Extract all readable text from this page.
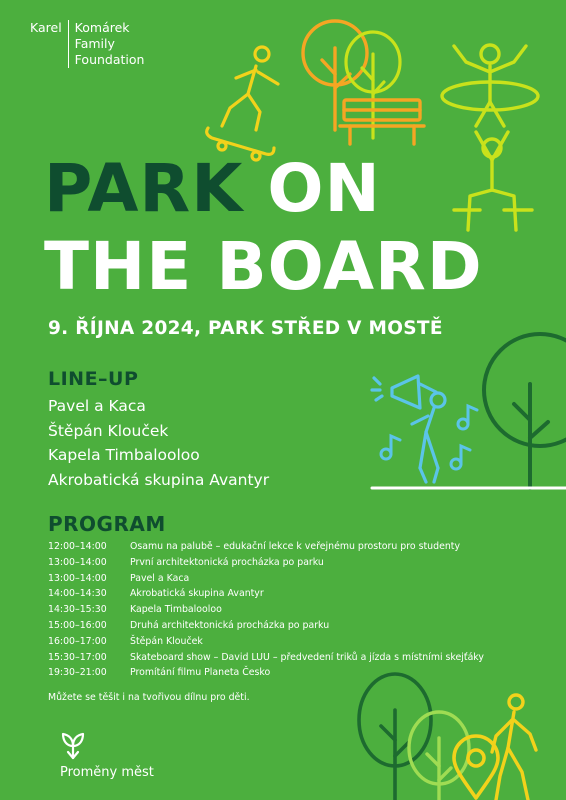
Karel	Komárek
Family
Foundation
PARK ON
THE BOARD
9. ŘÍJNA 2024, PARK STŘED V MOSTĚ
LINE–UP
Pavel a Kaca
Štěpán Klouček
Kapela Timbalooloo
Akrobatická skupina Avantyr
PROGRAM
12:00–14:00	Osamu na palubě – edukační lekce k veřejnému prostoru pro studenty
13:00–14:00	První architektonická procházka po parku
13:00–14:00	Pavel a Kaca
14:00–14:30	Akrobatická skupina Avantyr
14:30–15:30	Kapela Timbalooloo
15:00–16:00	Druhá architektonická procházka po parku
16:00–17:00	Štěpán Klouček
15:30–17:00	Skateboard show – David LUU – předvedení triků a jízda s místními skejťáky
19:30–21:00	Promítání filmu Planeta Česko
Můžete se těšit i na tvořivou dílnu pro děti.
Proměny měst
